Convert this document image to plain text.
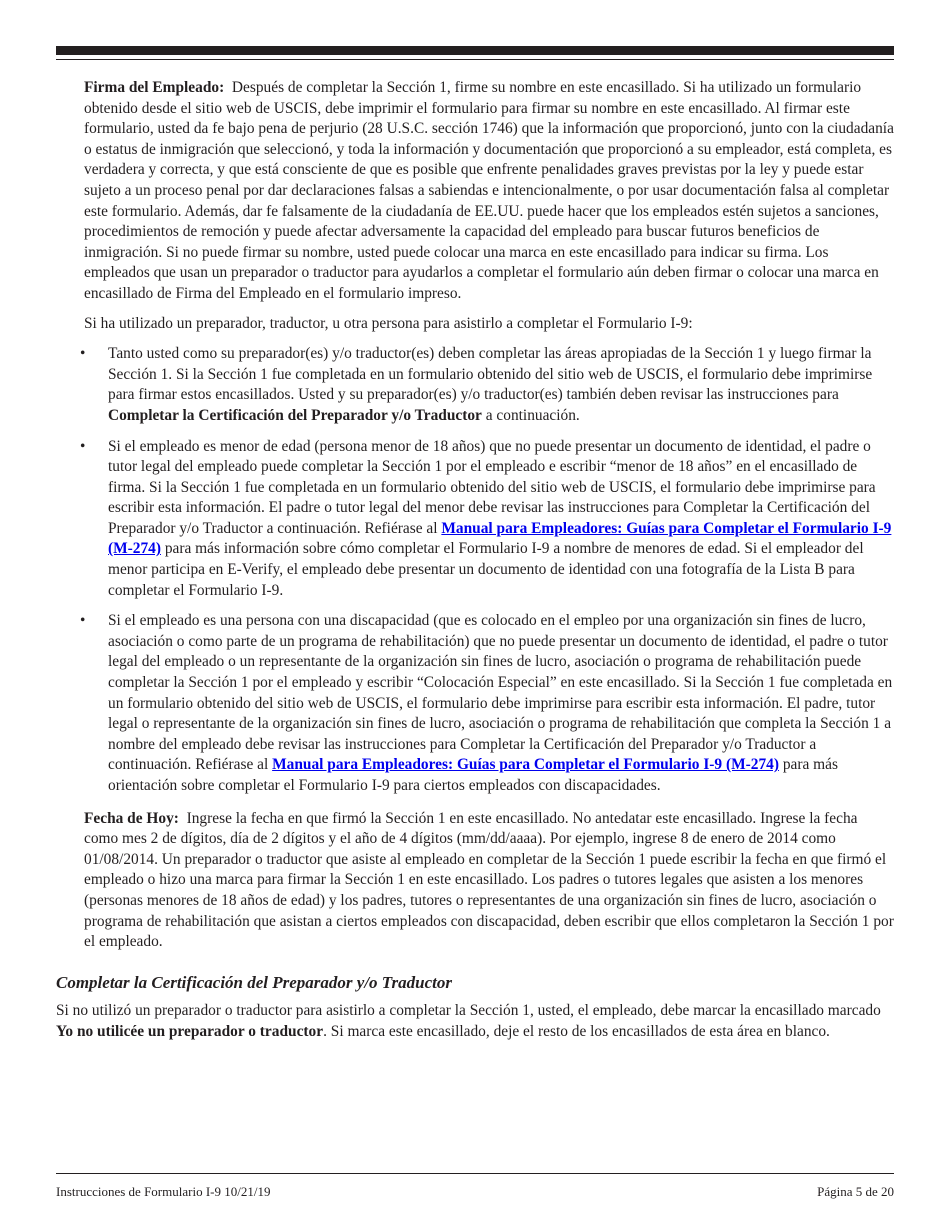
Firma del Empleado: Después de completar la Sección 1, firme su nombre en este encasillado. Si ha utilizado un formulario obtenido desde el sitio web de USCIS, debe imprimir el formulario para firmar su nombre en este encasillado. Al firmar este formulario, usted da fe bajo pena de perjurio (28 U.S.C. sección 1746) que la información que proporcionó, junto con la ciudadanía o estatus de inmigración que seleccionó, y toda la información y documentación que proporcionó a su empleador, está completa, es verdadera y correcta, y que está consciente de que es posible que enfrente penalidades graves previstas por la ley y puede estar sujeto a un proceso penal por dar declaraciones falsas a sabiendas e intencionalmente, o por usar documentación falsa al completar este formulario. Además, dar fe falsamente de la ciudadanía de EE.UU. puede hacer que los empleados estén sujetos a sanciones, procedimientos de remoción y puede afectar adversamente la capacidad del empleado para buscar futuros beneficios de inmigración. Si no puede firmar su nombre, usted puede colocar una marca en este encasillado para indicar su firma. Los empleados que usan un preparador o traductor para ayudarlos a completar el formulario aún deben firmar o colocar una marca en encasillado de Firma del Empleado en el formulario impreso.

Si ha utilizado un preparador, traductor, u otra persona para asistirlo a completar el Formulario I-9:

• Tanto usted como su preparador(es) y/o traductor(es) deben completar las áreas apropiadas de la Sección 1 y luego firmar la Sección 1. Si la Sección 1 fue completada en un formulario obtenido del sitio web de USCIS, el formulario debe imprimirse para firmar estos encasillados. Usted y su preparador(es) y/o traductor(es) también deben revisar las instrucciones para Completar la Certificación del Preparador y/o Traductor a continuación.
• Si el empleado es menor de edad (persona menor de 18 años) que no puede presentar un documento de identidad, el padre o tutor legal del empleado puede completar la Sección 1 por el empleado e escribir “menor de 18 años” en el encasillado de firma. Si la Sección 1 fue completada en un formulario obtenido del sitio web de USCIS, el formulario debe imprimirse para escribir esta información. El padre o tutor legal del menor debe revisar las instrucciones para Completar la Certificación del Preparador y/o Traductor a continuación. Refiérase al Manual para Empleadores: Guías para Completar el Formulario I-9 (M-274) para más información sobre cómo completar el Formulario I-9 a nombre de menores de edad. Si el empleador del menor participa en E-Verify, el empleado debe presentar un documento de identidad con una fotografía de la Lista B para completar el Formulario I-9.
• Si el empleado es una persona con una discapacidad (que es colocado en el empleo por una organización sin fines de lucro, asociación o como parte de un programa de rehabilitación) que no puede presentar un documento de identidad, el padre o tutor legal del empleado o un representante de la organización sin fines de lucro, asociación o programa de rehabilitación puede completar la Sección 1 por el empleado y escribir “Colocación Especial” en este encasillado. Si la Sección 1 fue completada en un formulario obtenido del sitio web de USCIS, el formulario debe imprimirse para escribir esta información. El padre, tutor legal o representante de la organización sin fines de lucro, asociación o programa de rehabilitación que completa la Sección 1 a nombre del empleado debe revisar las instrucciones para Completar la Certificación del Preparador y/o Traductor a continuación. Refiérase al Manual para Empleadores: Guías para Completar el Formulario I-9 (M-274) para más orientación sobre completar el Formulario I-9 para ciertos empleados con discapacidades.

Fecha de Hoy: Ingrese la fecha en que firmó la Sección 1 en este encasillado. No antedatar este encasillado. Ingrese la fecha como mes 2 de dígitos, día de 2 dígitos y el año de 4 dígitos (mm/dd/aaaa). Por ejemplo, ingrese 8 de enero de 2014 como 01/08/2014. Un preparador o traductor que asiste al empleado en completar de la Sección 1 puede escribir la fecha en que firmó el empleado o hizo una marca para firmar la Sección 1 en este encasillado. Los padres o tutores legales que asisten a los menores (personas menores de 18 años de edad) y los padres, tutores o representantes de una organización sin fines de lucro, asociación o programa de rehabilitación que asistan a ciertos empleados con discapacidad, deben escribir que ellos completaron la Sección 1 por el empleado.

Completar la Certificación del Preparador y/o Traductor

Si no utilizó un preparador o traductor para asistirlo a completar la Sección 1, usted, el empleado, debe marcar la encasillado marcado Yo no utilicée un preparador o traductor. Si marca este encasillado, deje el resto de los encasillados de esta área en blanco.

Instrucciones de Formulario I-9 10/21/19	Página 5 de 20
